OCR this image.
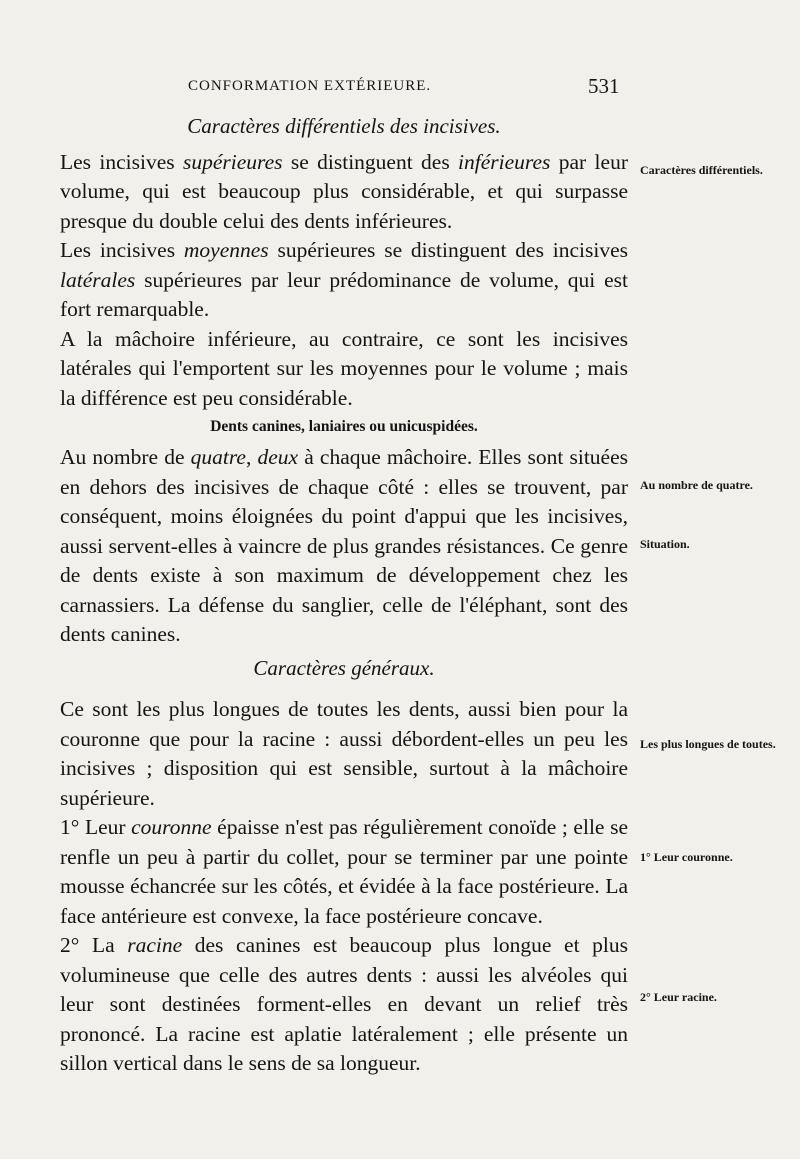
CONFORMATION EXTÉRIEURE.	531
Caractères différentiels des incisives.

Les incisives supérieures se distinguent des inférieures par leur volume, qui est beaucoup plus considérable, et qui surpasse presque du double celui des dents inférieures.

Les incisives moyennes supérieures se distinguent des incisives latérales supérieures par leur prédominance de volume, qui est fort remarquable.

A la mâchoire inférieure, au contraire, ce sont les incisives latérales qui l'emportent sur les moyennes pour le volume ; mais la différence est peu considérable.

Dents canines, laniaires ou unicuspidées.

Au nombre de quatre, deux à chaque mâchoire. Elles sont situées en dehors des incisives de chaque côté : elles se trouvent, par conséquent, moins éloignées du point d'appui que les incisives, aussi servent-elles à vaincre de plus grandes résistances. Ce genre de dents existe à son maximum de développement chez les carnassiers. La défense du sanglier, celle de l'éléphant, sont des dents canines.

Caractères généraux.

Ce sont les plus longues de toutes les dents, aussi bien pour la couronne que pour la racine : aussi débordent-elles un peu les incisives ; disposition qui est sensible, surtout à la mâchoire supérieure.

1° Leur couronne épaisse n'est pas régulièrement conoïde ; elle se renfle un peu à partir du collet, pour se terminer par une pointe mousse échancrée sur les côtés, et évidée à la face postérieure. La face antérieure est convexe, la face postérieure concave.

2° La racine des canines est beaucoup plus longue et plus volumineuse que celle des autres dents : aussi les alvéoles qui leur sont destinées forment-elles en devant un relief très prononcé. La racine est aplatie latéralement ; elle présente un sillon vertical dans le sens de sa longueur.

Caractères différentiels.
Au nombre de quatre.
Situation.
Les plus longues de toutes.
1° Leur couronne.
2° Leur racine.
